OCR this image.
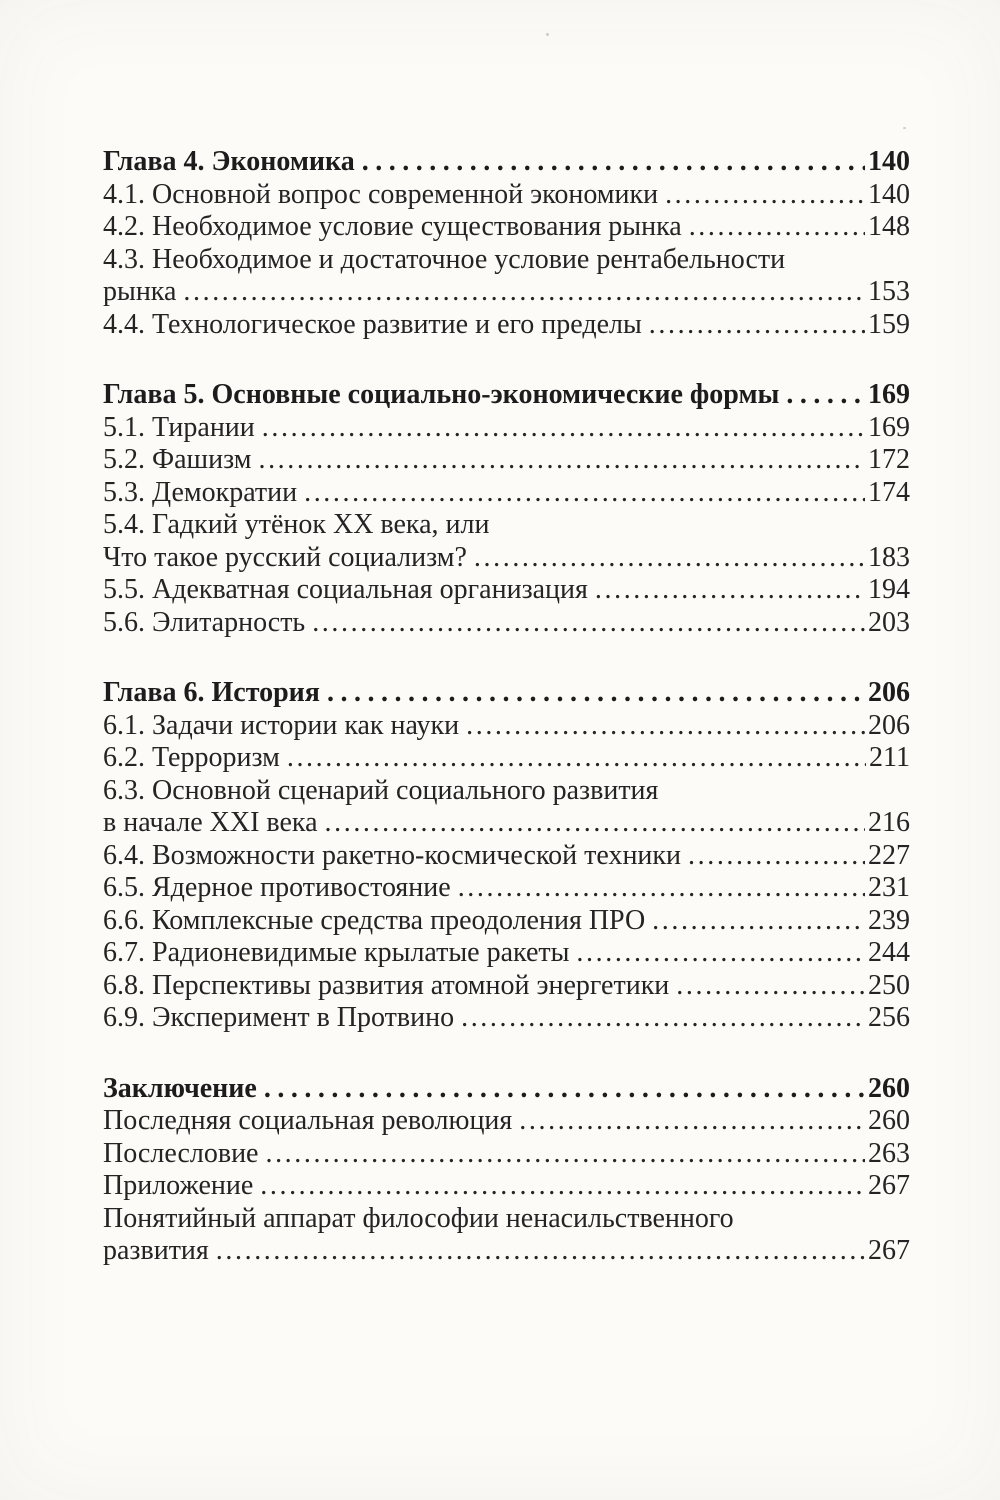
Глава 4. Экономика .....	140
4.1. Основной вопрос современной экономики .....	140
4.2. Необходимое условие существования рынка .....	148
4.3. Необходимое и достаточное условие рентабельности
рынка .....	153
4.4. Технологическое развитие и его пределы .....	159
Глава 5. Основные социально-экономические формы .....	169
5.1. Тирании .....	169
5.2. Фашизм .....	172
5.3. Демократии .....	174
5.4. Гадкий утёнок XX века, или
Что такое русский социализм? .....	183
5.5. Адекватная социальная организация .....	194
5.6. Элитарность .....	203
Глава 6. История .....	206
6.1. Задачи истории как науки .....	206
6.2. Терроризм .....	211
6.3. Основной сценарий социального развития
в начале XXI века .....	216
6.4. Возможности ракетно-космической техники .....	227
6.5. Ядерное противостояние .....	231
6.6. Комплексные средства преодоления ПРО .....	239
6.7. Радионевидимые крылатые ракеты .....	244
6.8. Перспективы развития атомной энергетики .....	250
6.9. Эксперимент в Протвино .....	256
Заключение .....	260
Последняя социальная революция .....	260
Послесловие .....	263
Приложение .....	267
Понятийный аппарат философии ненасильственного
развития .....	267
